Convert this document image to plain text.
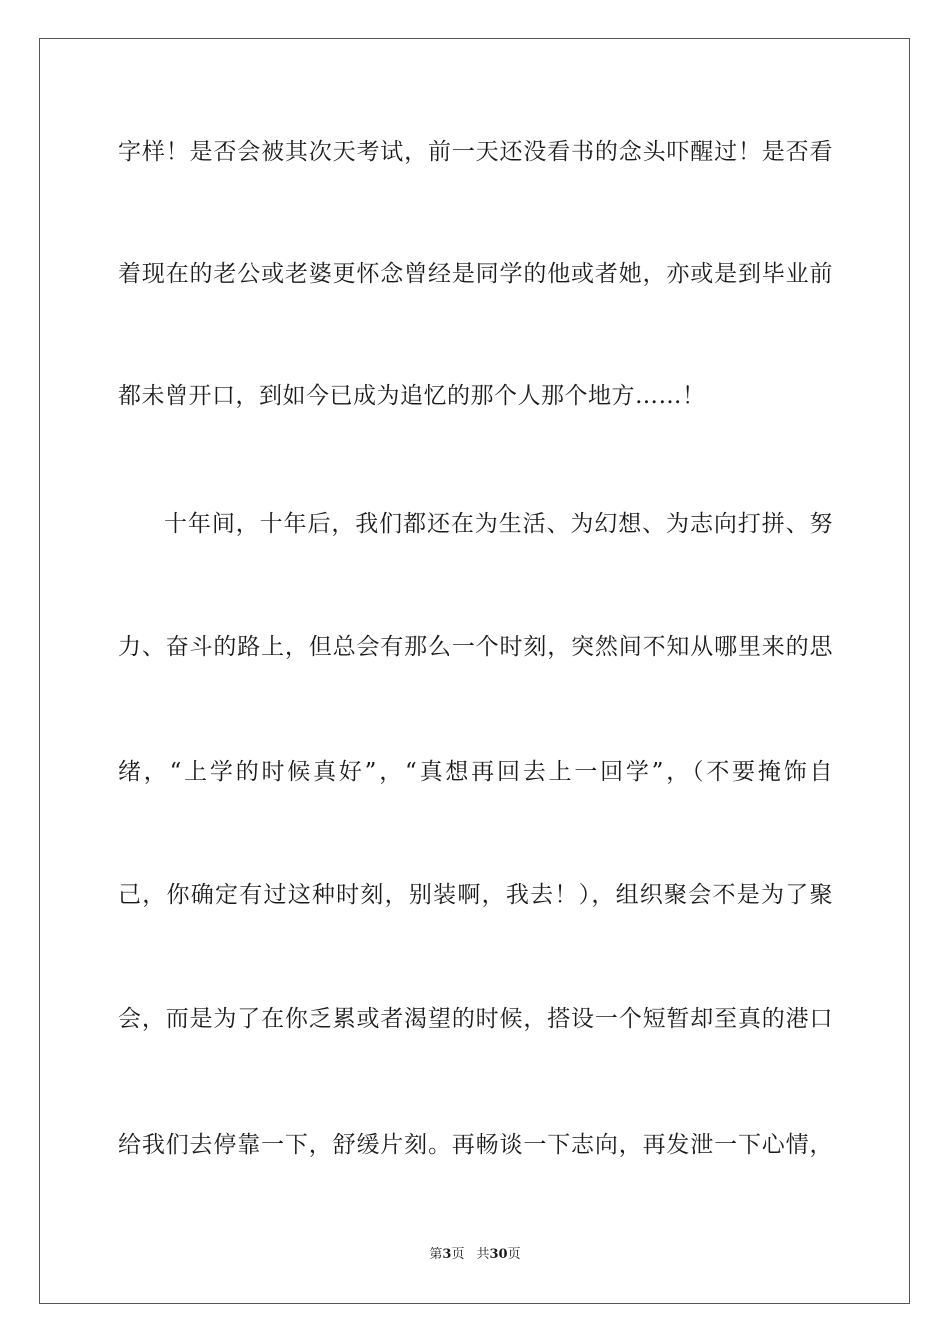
字样！是否会被其次天考试，前一天还没看书的念头吓醒过！是否看
着现在的老公或老婆更怀念曾经是同学的他或者她，亦或是到毕业前
都未曾开口，到如今已成为追忆的那个人那个地方……！
十年间，十年后，我们都还在为生活、为幻想、为志向打拼、努
力、奋斗的路上，但总会有那么一个时刻，突然间不知从哪里来的思
绪，“上学的时候真好”，“真想再回去上一回学”，（不要掩饰自
己，你确定有过这种时刻，别装啊，我去！），组织聚会不是为了聚
会，而是为了在你乏累或者渴望的时候，搭设一个短暂却至真的港口
给我们去停靠一下，舒缓片刻。再畅谈一下志向，再发泄一下心情，
第3页 共30页
